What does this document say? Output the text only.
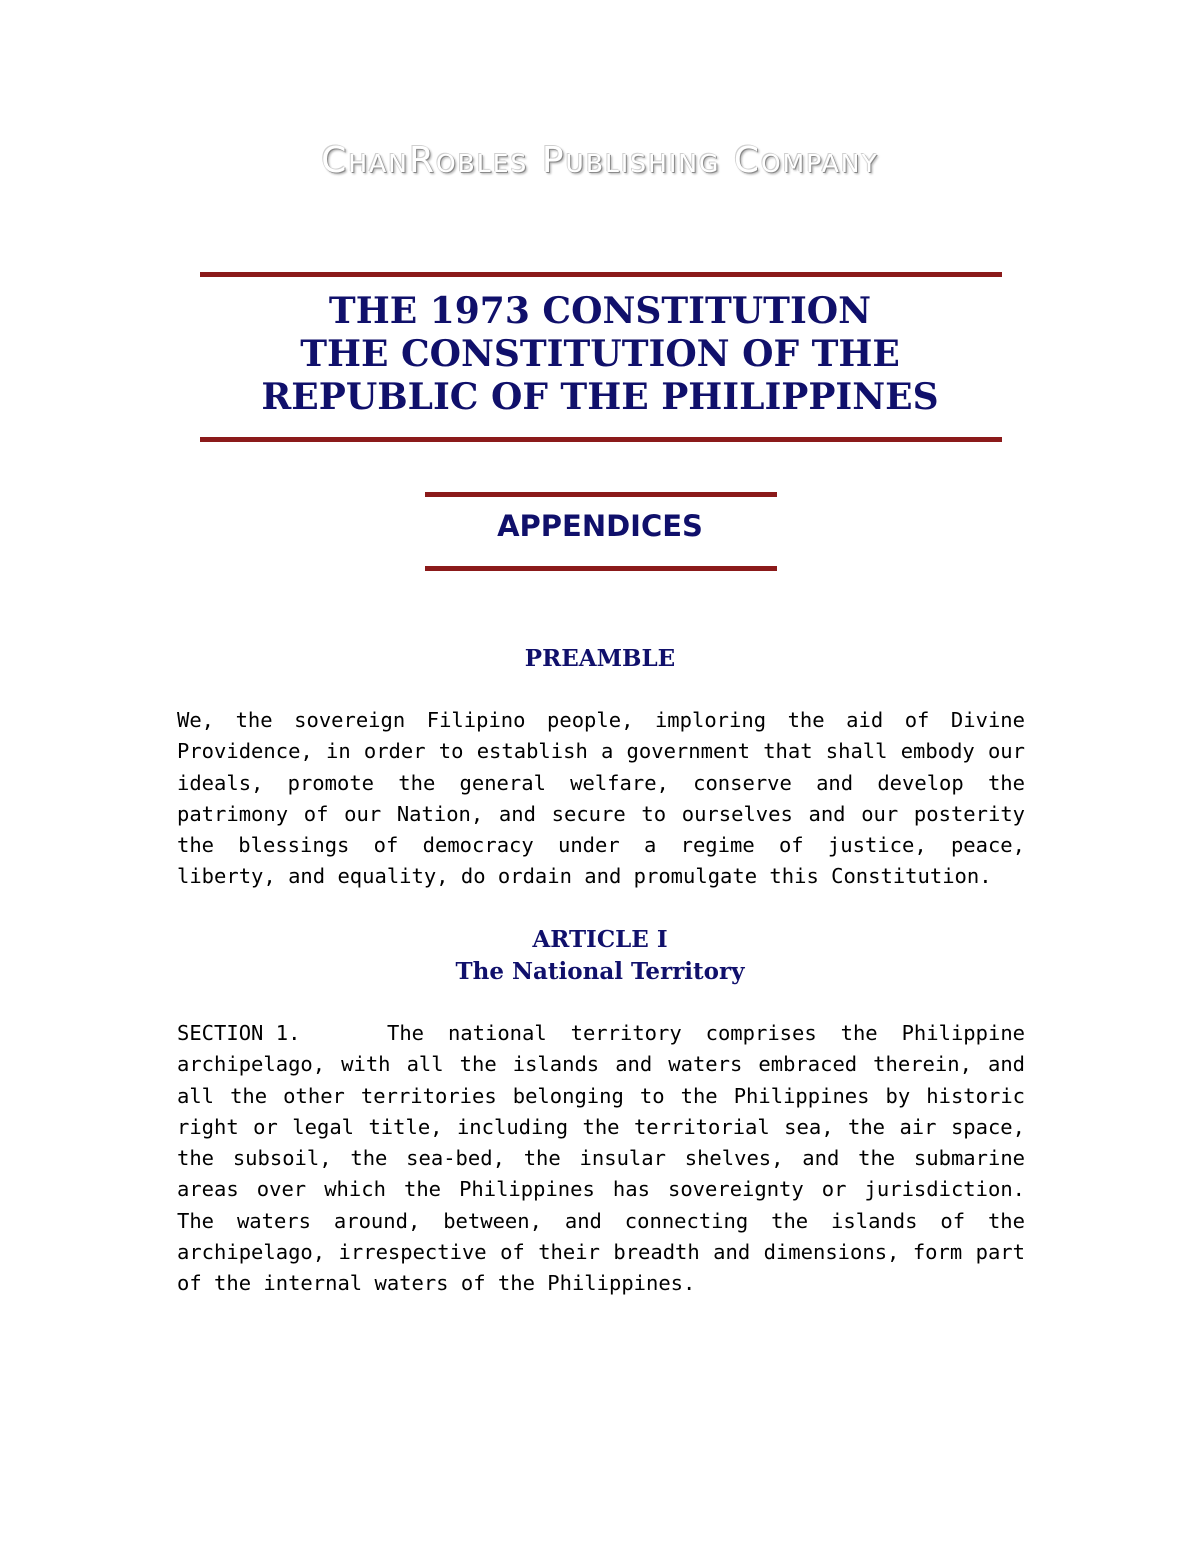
ChanRobles Publishing Company
THE 1973 CONSTITUTION
THE CONSTITUTION OF THE
REPUBLIC OF THE PHILIPPINES
APPENDICES
PREAMBLE
We, the sovereign Filipino people, imploring the aid of Divine Providence, in order to establish a government that shall embody our ideals, promote the general welfare, conserve and develop the patrimony of our Nation, and secure to ourselves and our posterity the blessings of democracy under a regime of justice, peace, liberty, and equality, do ordain and promulgate this Constitution.
ARTICLE I
The National Territory
SECTION 1.	The national territory comprises the Philippine archipelago, with all the islands and waters embraced therein, and all the other territories belonging to the Philippines by historic right or legal title, including the territorial sea, the air space, the subsoil, the sea-bed, the insular shelves, and the submarine areas over which the Philippines has sovereignty or jurisdiction. The waters around, between, and connecting the islands of the archipelago, irrespective of their breadth and dimensions, form part of the internal waters of the Philippines.
